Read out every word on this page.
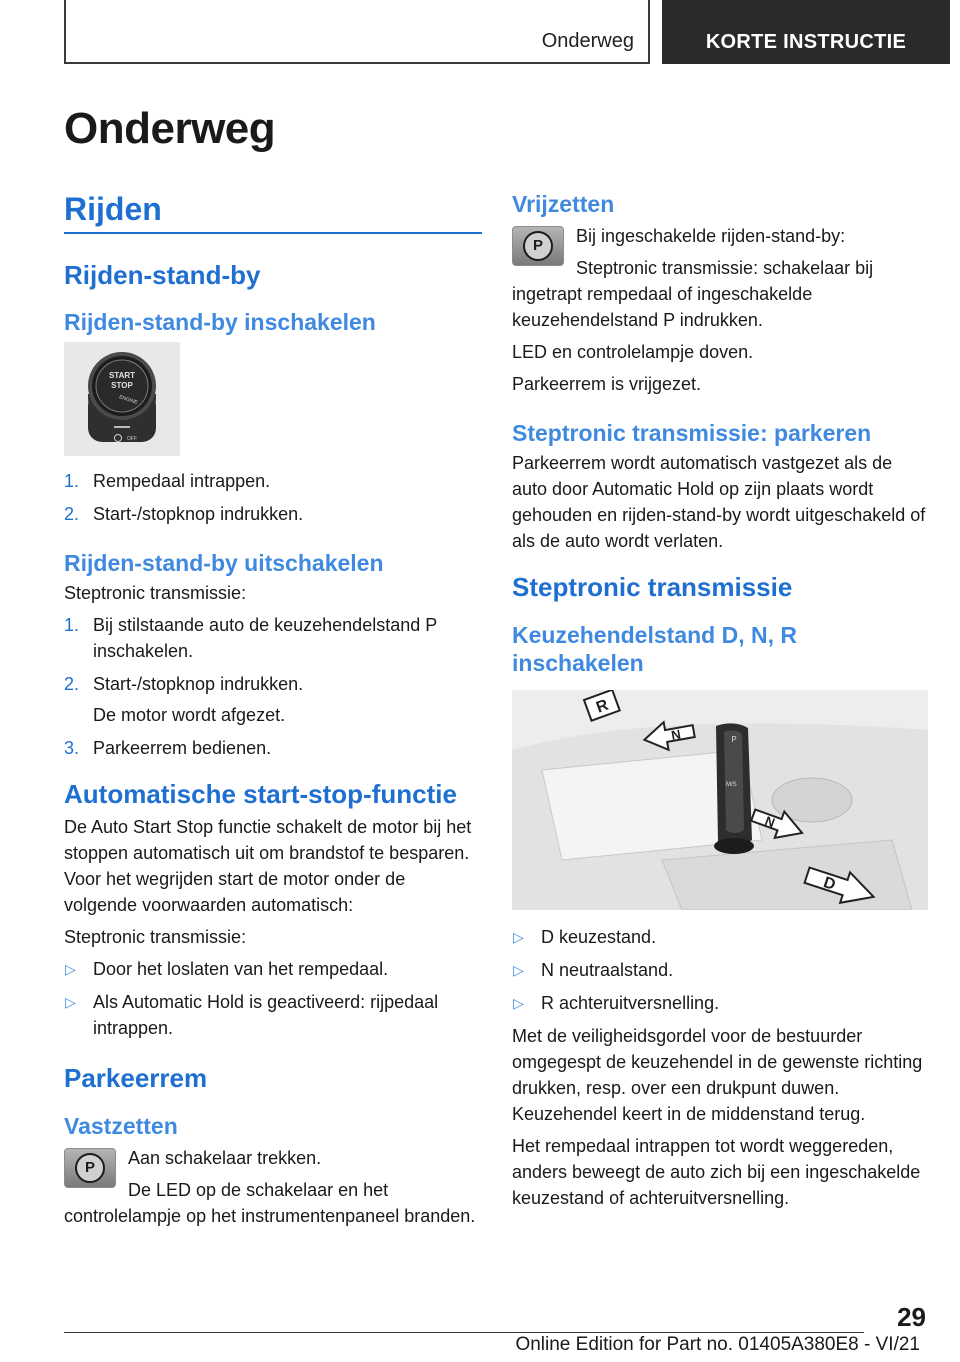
Onderweg	KORTE INSTRUCTIE
Onderweg
Rijden
Rijden-stand-by
Rijden-stand-by inschakelen
START
STOP
ENGINE
OFF
1. Rempedaal intrappen.
2. Start-/stopknop indrukken.
Rijden-stand-by uitschakelen
Steptronic transmissie:
1. Bij stilstaande auto de keuzehendelstand P inschakelen.
2. Start-/stopknop indrukken.
De motor wordt afgezet.
3. Parkeerrem bedienen.
Automatische start-stop-functie
De Auto Start Stop functie schakelt de motor bij het stoppen automatisch uit om brandstof te besparen. Voor het wegrijden start de motor onder de volgende voorwaarden automatisch:
Steptronic transmissie:
▷ Door het loslaten van het rempedaal.
▷ Als Automatic Hold is geactiveerd: rijpedaal intrappen.
Parkeerrem
Vastzetten
P	Aan schakelaar trekken.
De LED op de schakelaar en het controlelampje op het instrumentenpaneel branden.
Vrijzetten
P	Bij ingeschakelde rijden-stand-by:
Steptronic transmissie: schakelaar bij ingetrapt rempedaal of ingeschakelde keuzehendelstand P indrukken.
LED en controlelampje doven.
Parkeerrem is vrijgezet.
Steptronic transmissie: parkeren
Parkeerrem wordt automatisch vastgezet als de auto door Automatic Hold op zijn plaats wordt gehouden en rijden-stand-by wordt uitgeschakeld of als de auto wordt verlaten.
Steptronic transmissie
Keuzehendelstand D, N, R inschakelen
P
M/S
R
N
N
D
▷ D keuzestand.
▷ N neutraalstand.
▷ R achteruitversnelling.
Met de veiligheidsgordel voor de bestuurder omgegespt de keuzehendel in de gewenste richting drukken, resp. over een drukpunt duwen. Keuzehendel keert in de middenstand terug.
Het rempedaal intrappen tot wordt weggereden, anders beweegt de auto zich bij een ingeschakelde keuzestand of achteruitversnelling.
29
Online Edition for Part no. 01405A380E8 - VI/21
